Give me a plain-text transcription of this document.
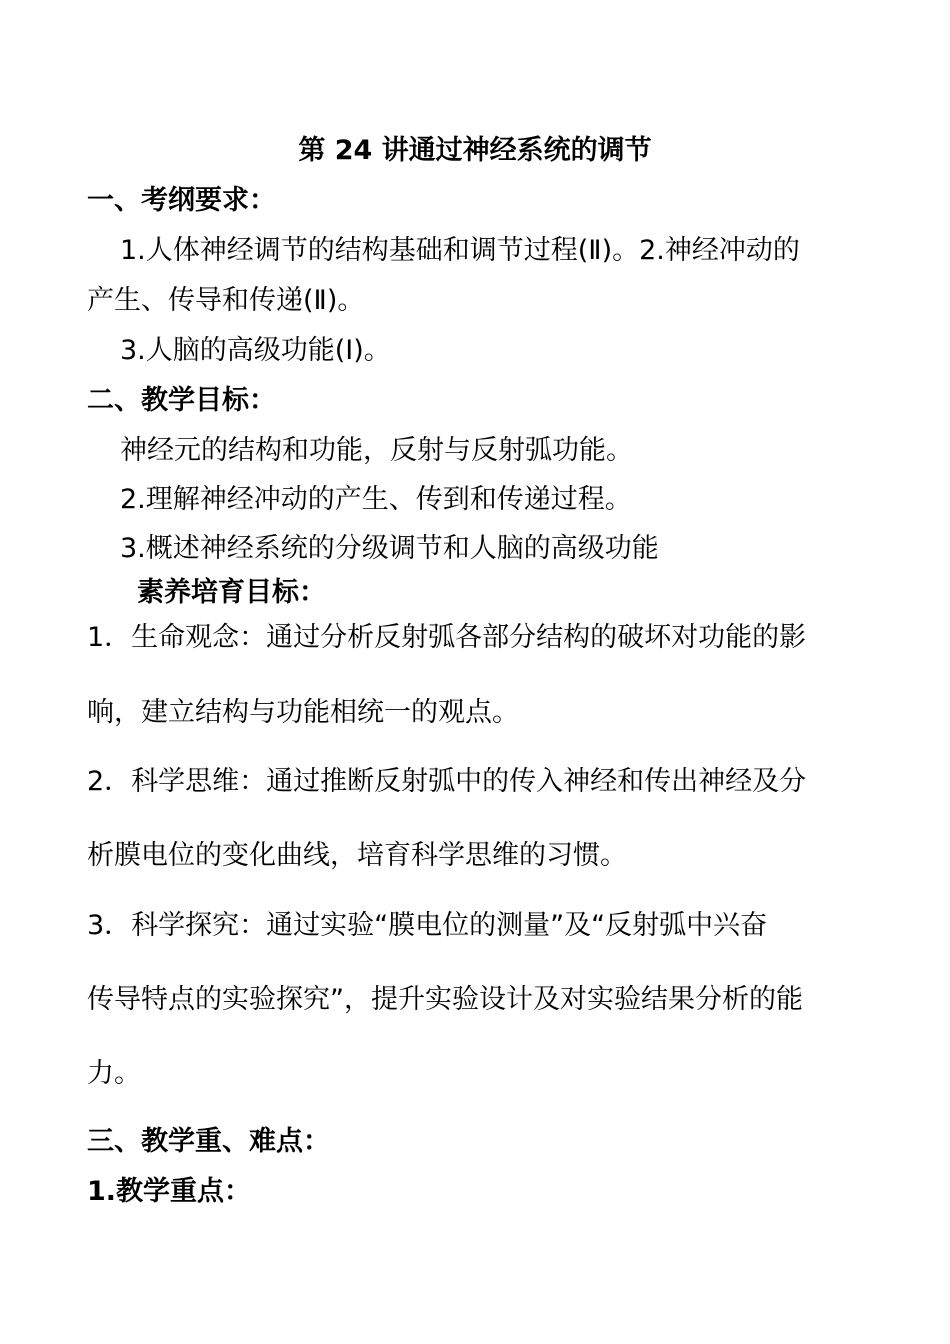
第 24 讲通过神经系统的调节
一、考纲要求：
1.人体神经调节的结构基础和调节过程(Ⅱ)。2.神经冲动的
产生、传导和传递(Ⅱ)。
3.人脑的高级功能(Ⅰ)。
二、教学目标：
神经元的结构和功能，反射与反射弧功能。
2.理解神经冲动的产生、传到和传递过程。
3.概述神经系统的分级调节和人脑的高级功能
素养培育目标：
1．生命观念：通过分析反射弧各部分结构的破坏对功能的影
响，建立结构与功能相统一的观点。
2．科学思维：通过推断反射弧中的传入神经和传出神经及分
析膜电位的变化曲线，培育科学思维的习惯。
3．科学探究：通过实验“膜电位的测量”及“反射弧中兴奋
传导特点的实验探究”，提升实验设计及对实验结果分析的能
力。
三、教学重、难点：
1.教学重点：
